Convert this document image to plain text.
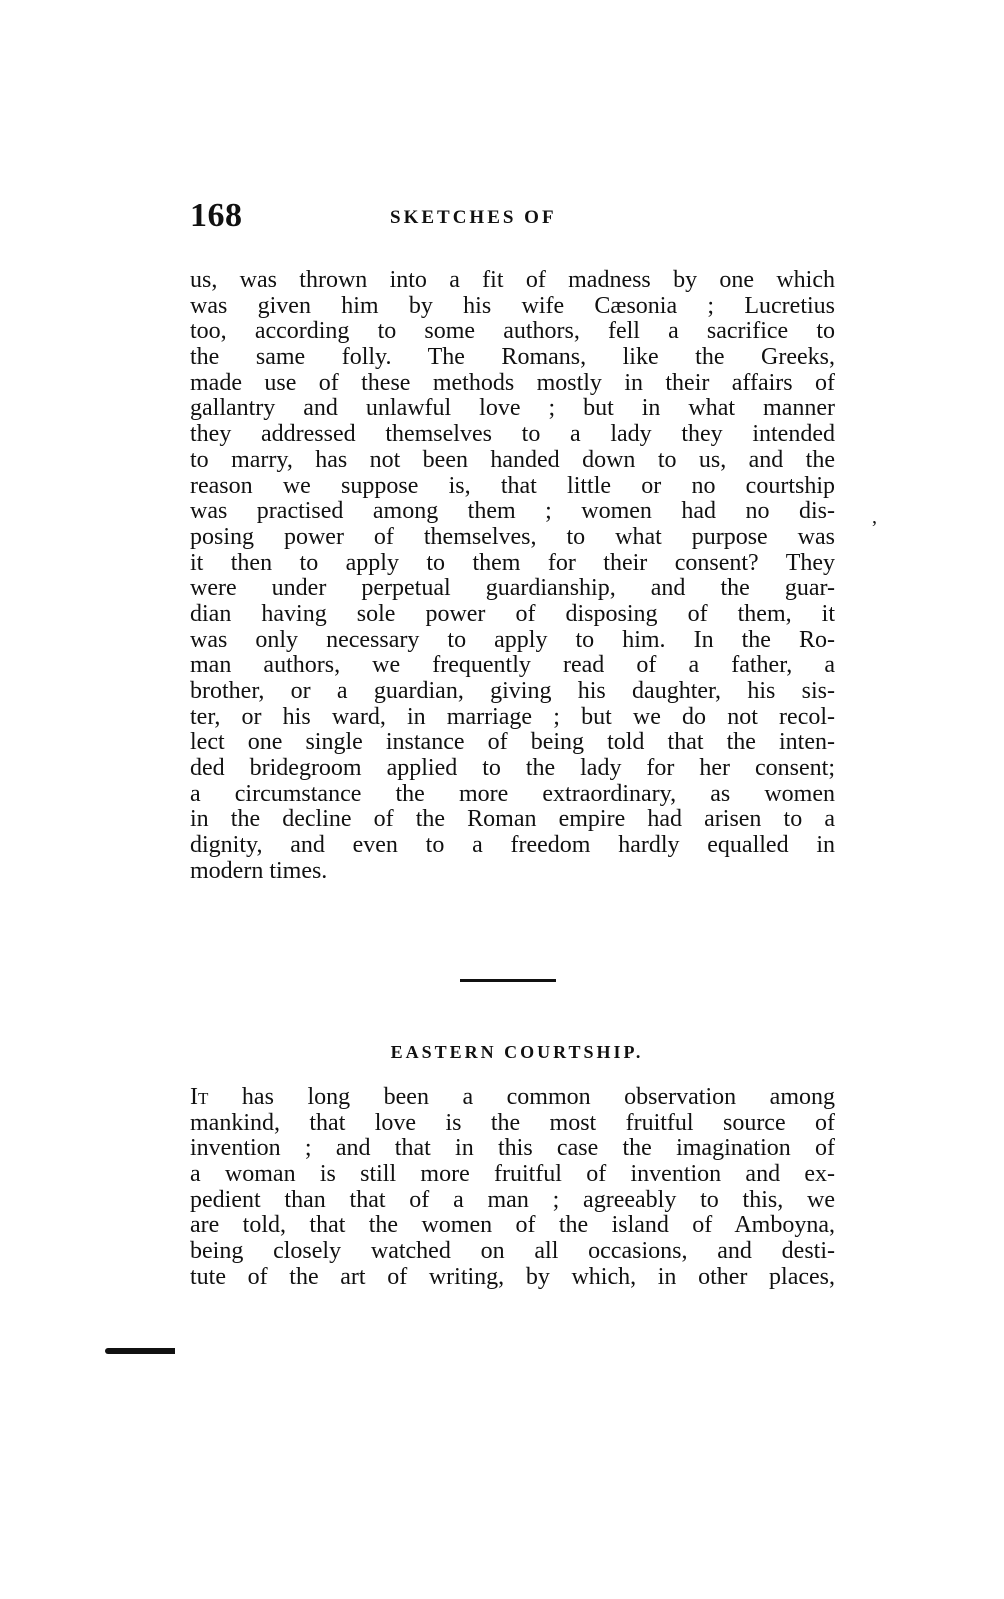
168	SKETCHES OF
us, was thrown into a fit of madness by one which
was given him by his wife Cæsonia ; Lucretius
too, according to some authors, fell a sacrifice to
the same folly. The Romans, like the Greeks,
made use of these methods mostly in their affairs of
gallantry and unlawful love ; but in what manner
they addressed themselves to a lady they intended
to marry, has not been handed down to us, and the
reason we suppose is, that little or no courtship
was practised among them ; women had no dis-
posing power of themselves, to what purpose was
it then to apply to them for their consent? They
were under perpetual guardianship, and the guar-
dian having sole power of disposing of them, it
was only necessary to apply to him. In the Ro-
man authors, we frequently read of a father, a
brother, or a guardian, giving his daughter, his sis-
ter, or his ward, in marriage ; but we do not recol-
lect one single instance of being told that the inten-
ded bridegroom applied to the lady for her consent;
a circumstance the more extraordinary, as women
in the decline of the Roman empire had arisen to a
dignity, and even to a freedom hardly equalled in
modern times.
,
EASTERN COURTSHIP.
It has long been a common observation among
mankind, that love is the most fruitful source of
invention ; and that in this case the imagination of
a woman is still more fruitful of invention and ex-
pedient than that of a man ; agreeably to this, we
are told, that the women of the island of Amboyna,
being closely watched on all occasions, and desti-
tute of the art of writing, by which, in other places,
